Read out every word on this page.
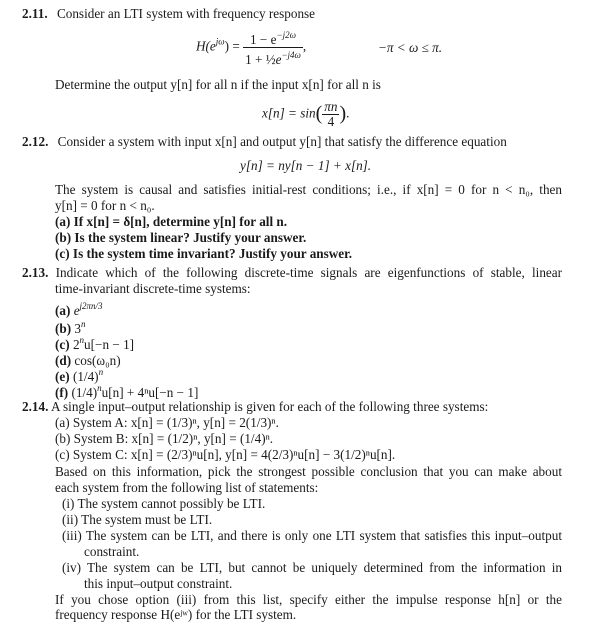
2.11. Consider an LTI system with frequency response
$H(e^{j\omega}) = \frac{1 - e^{-j2\omega}}{1 + \frac{1}{2}e^{-j4\omega}}$ ,	−π < ω ≤ π.
Determine the output y[n] for all n if the input x[n] for all n is
$x[n] = \sin( \frac{\pi n}{4}$ ).
2.12. Consider a system with input x[n] and output y[n] that satisfy the difference equation
y[n] = ny[n − 1] + x[n].
The system is causal and satisfies initial-rest conditions; i.e., if x[n] = 0 for n < n₀, then
y[n] = 0 for n < n₀.
(a) If x[n] = δ[n], determine y[n] for all n.
(b) Is the system linear? Justify your answer.
(c) Is the system time invariant? Justify your answer.
2.13. Indicate which of the following discrete-time signals are eigenfunctions of stable, linear
time-invariant discrete-time systems:
(a) $e^{j2\pi n/3}$
(b) 3$^n$
(c) $2^nu[-n - 1]$
(d) cos(ω₀n)
(e) $(1/4)^n$
(f) $(1/4)^nu[n] + 4^nu[-n - 1]$
2.14. A single input–output relationship is given for each of the following three systems:
(a) System A: x[n] = (1/3)ⁿ, y[n] = 2(1/3)ⁿ.
(b) System B: x[n] = (1/2)ⁿ, y[n] = (1/4)ⁿ.
(c) System C: x[n] = (2/3)ⁿu[n], y[n] = 4(2/3)ⁿu[n] − 3(1/2)ⁿu[n].
Based on this information, pick the strongest possible conclusion that you can make about
each system from the following list of statements:
(i) The system cannot possibly be LTI.
(ii) The system must be LTI.
(iii) The system can be LTI, and there is only one LTI system that satisfies this input–output
constraint.
(iv) The system can be LTI, but cannot be uniquely determined from the information in
this input–output constraint.
If you chose option (iii) from this list, specify either the impulse response h[n] or the
frequency response H(eʲʷ) for the LTI system.
